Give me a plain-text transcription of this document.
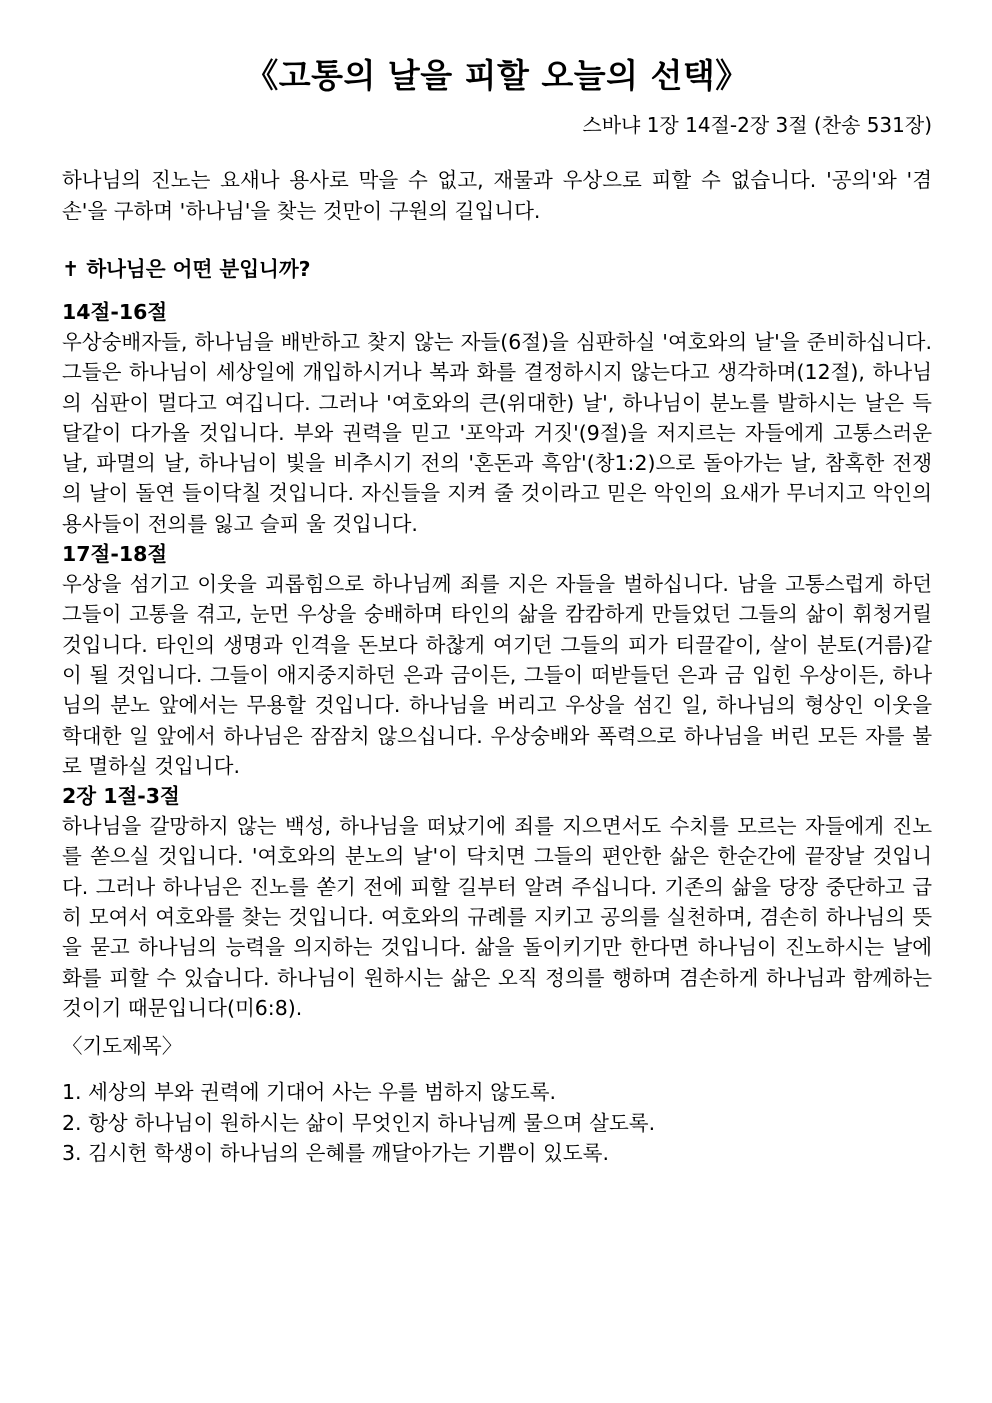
《고통의 날을 피할 오늘의 선택》

스바냐 1장 14절-2장 3절 (찬송 531장)

하나님의 진노는 요새나 용사로 막을 수 없고, 재물과 우상으로 피할 수 없습니다. '공의'와 '겸손'을 구하며 '하나님'을 찾는 것만이 구원의 길입니다.

✝ 하나님은 어떤 분입니까?

14절-16절

우상숭배자들, 하나님을 배반하고 찾지 않는 자들(6절)을 심판하실 '여호와의 날'을 준비하십니다. 그들은 하나님이 세상일에 개입하시거나 복과 화를 결정하시지 않는다고 생각하며(12절), 하나님의 심판이 멀다고 여깁니다. 그러나 '여호와의 큰(위대한) 날', 하나님이 분노를 발하시는 날은 득달같이 다가올 것입니다. 부와 권력을 믿고 '포악과 거짓'(9절)을 저지르는 자들에게 고통스러운 날, 파멸의 날, 하나님이 빛을 비추시기 전의 '혼돈과 흑암'(창1:2)으로 돌아가는 날, 참혹한 전쟁의 날이 돌연 들이닥칠 것입니다. 자신들을 지켜 줄 것이라고 믿은 악인의 요새가 무너지고 악인의 용사들이 전의를 잃고 슬피 울 것입니다.

17절-18절

우상을 섬기고 이웃을 괴롭힘으로 하나님께 죄를 지은 자들을 벌하십니다. 남을 고통스럽게 하던 그들이 고통을 겪고, 눈먼 우상을 숭배하며 타인의 삶을 캄캄하게 만들었던 그들의 삶이 휘청거릴 것입니다. 타인의 생명과 인격을 돈보다 하찮게 여기던 그들의 피가 티끌같이, 살이 분토(거름)같이 될 것입니다. 그들이 애지중지하던 은과 금이든, 그들이 떠받들던 은과 금 입힌 우상이든, 하나님의 분노 앞에서는 무용할 것입니다. 하나님을 버리고 우상을 섬긴 일, 하나님의 형상인 이웃을 학대한 일 앞에서 하나님은 잠잠치 않으십니다. 우상숭배와 폭력으로 하나님을 버린 모든 자를 불로 멸하실 것입니다.

2장 1절-3절

하나님을 갈망하지 않는 백성, 하나님을 떠났기에 죄를 지으면서도 수치를 모르는 자들에게 진노를 쏟으실 것입니다. '여호와의 분노의 날'이 닥치면 그들의 편안한 삶은 한순간에 끝장날 것입니다. 그러나 하나님은 진노를 쏟기 전에 피할 길부터 알려 주십니다. 기존의 삶을 당장 중단하고 급히 모여서 여호와를 찾는 것입니다. 여호와의 규례를 지키고 공의를 실천하며, 겸손히 하나님의 뜻을 묻고 하나님의 능력을 의지하는 것입니다. 삶을 돌이키기만 한다면 하나님이 진노하시는 날에 화를 피할 수 있습니다. 하나님이 원하시는 삶은 오직 정의를 행하며 겸손하게 하나님과 함께하는 것이기 때문입니다(미6:8).

〈기도제목〉

1. 세상의 부와 권력에 기대어 사는 우를 범하지 않도록.
2. 항상 하나님이 원하시는 삶이 무엇인지 하나님께 물으며 살도록.
3. 김시헌 학생이 하나님의 은혜를 깨달아가는 기쁨이 있도록.
